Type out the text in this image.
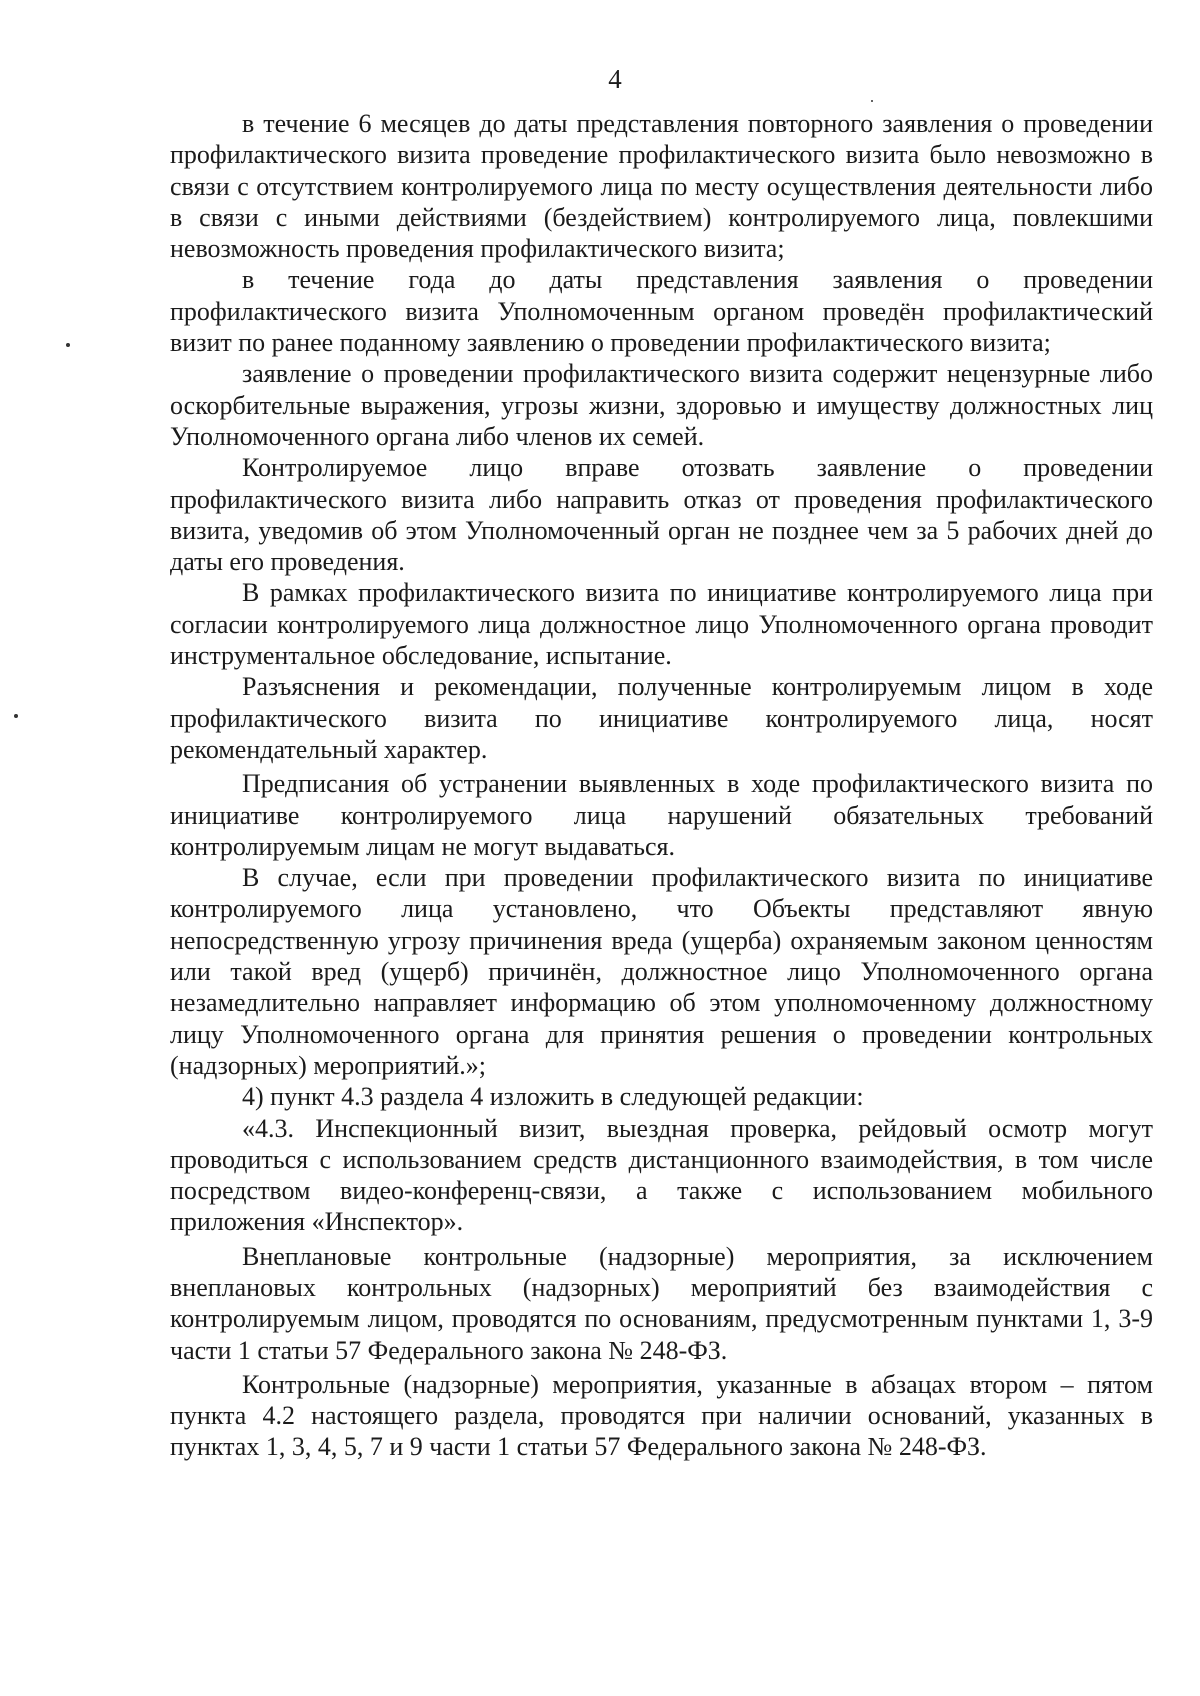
4

в течение 6 месяцев до даты представления повторного заявления о проведении профилактического визита проведение профилактического визита было невозможно в связи с отсутствием контролируемого лица по месту осуществления деятельности либо в связи с иными действиями (бездействием) контролируемого лица, повлекшими невозможность проведения профилактического визита;

в течение года до даты представления заявления о проведении профилактического визита Уполномоченным органом проведён профилактический визит по ранее поданному заявлению о проведении профилактического визита;

заявление о проведении профилактического визита содержит нецензурные либо оскорбительные выражения, угрозы жизни, здоровью и имуществу должностных лиц Уполномоченного органа либо членов их семей.

Контролируемое лицо вправе отозвать заявление о проведении профилактического визита либо направить отказ от проведения профилактического визита, уведомив об этом Уполномоченный орган не позднее чем за 5 рабочих дней до даты его проведения.

В рамках профилактического визита по инициативе контролируемого лица при согласии контролируемого лица должностное лицо Уполномоченного органа проводит инструментальное обследование, испытание.

Разъяснения и рекомендации, полученные контролируемым лицом в ходе профилактического визита по инициативе контролируемого лица, носят рекомендательный характер.

Предписания об устранении выявленных в ходе профилактического визита по инициативе контролируемого лица нарушений обязательных требований контролируемым лицам не могут выдаваться.

В случае, если при проведении профилактического визита по инициативе контролируемого лица установлено, что Объекты представляют явную непосредственную угрозу причинения вреда (ущерба) охраняемым законом ценностям или такой вред (ущерб) причинён, должностное лицо Уполномоченного органа незамедлительно направляет информацию об этом уполномоченному должностному лицу Уполномоченного органа для принятия решения о проведении контрольных (надзорных) мероприятий.»;

4) пункт 4.3 раздела 4 изложить в следующей редакции:

«4.3. Инспекционный визит, выездная проверка, рейдовый осмотр могут проводиться с использованием средств дистанционного взаимодействия, в том числе посредством видео-конференц-связи, а также с использованием мобильного приложения «Инспектор».

Внеплановые контрольные (надзорные) мероприятия, за исключением внеплановых контрольных (надзорных) мероприятий без взаимодействия с контролируемым лицом, проводятся по основаниям, предусмотренным пунктами 1, 3-9 части 1 статьи 57 Федерального закона № 248-ФЗ.

Контрольные (надзорные) мероприятия, указанные в абзацах втором – пятом пункта 4.2 настоящего раздела, проводятся при наличии оснований, указанных в пунктах 1, 3, 4, 5, 7 и 9 части 1 статьи 57 Федерального закона № 248-ФЗ.
